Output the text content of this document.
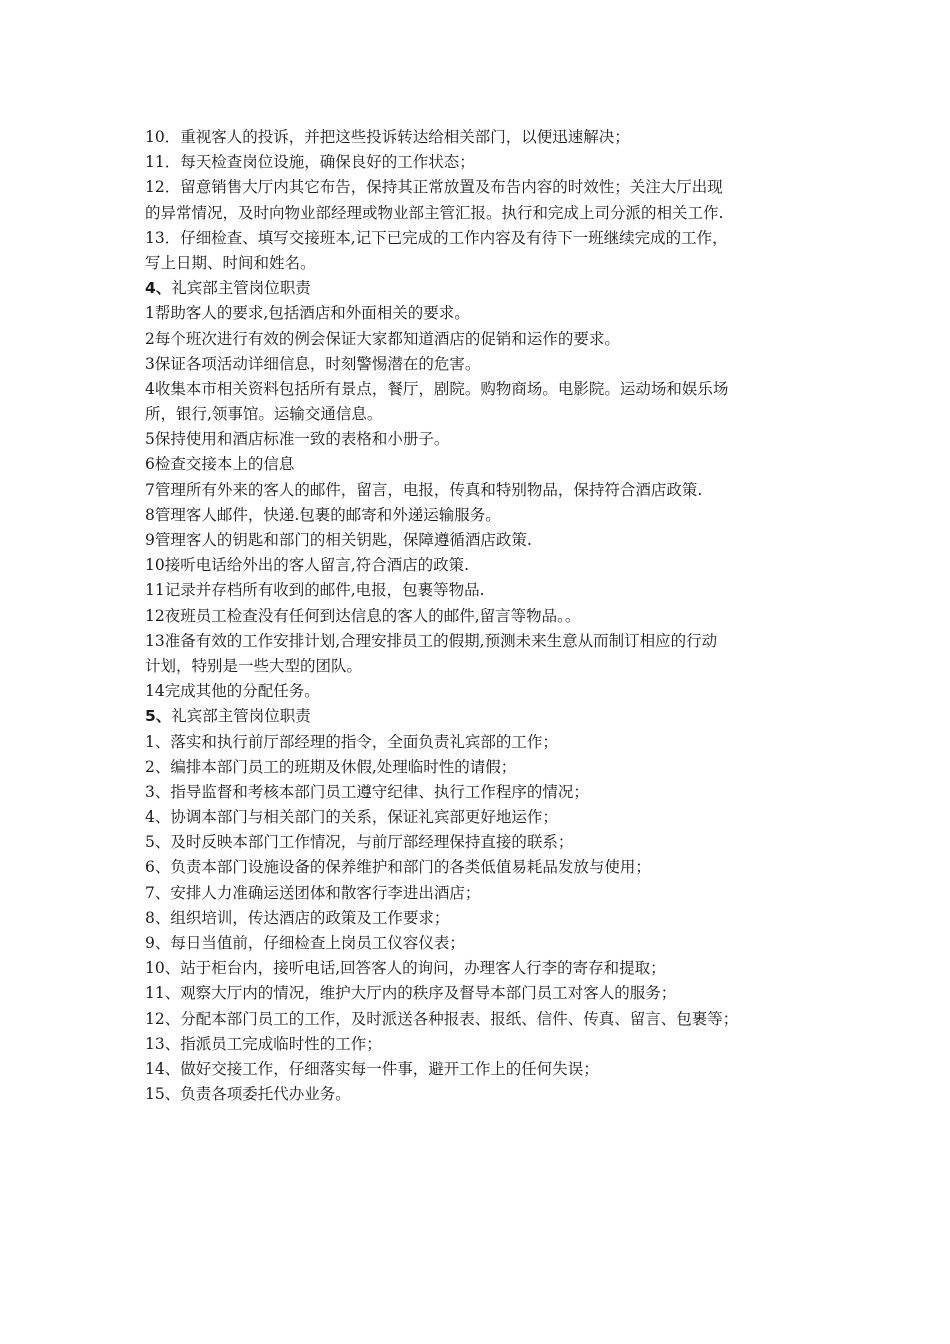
10．重视客人的投诉，并把这些投诉转达给相关部门，以便迅速解决；
11．每天检查岗位设施，确保良好的工作状态；
12．留意销售大厅内其它布告，保持其正常放置及布告内容的时效性；关注大厅出现
的异常情况，及时向物业部经理或物业部主管汇报。执行和完成上司分派的相关工作.
13．仔细检查、填写交接班本,记下已完成的工作内容及有待下一班继续完成的工作，
写上日期、时间和姓名。
4、礼宾部主管岗位职责
1帮助客人的要求,包括酒店和外面相关的要求。
2每个班次进行有效的例会保证大家都知道酒店的促销和运作的要求。
3保证各项活动详细信息，时刻警惕潜在的危害。
4收集本市相关资料包括所有景点，餐厅，剧院。购物商场。电影院。运动场和娱乐场
所，银行,领事馆。运输交通信息。
5保持使用和酒店标准一致的表格和小册子。
6检查交接本上的信息
7管理所有外来的客人的邮件，留言，电报，传真和特别物品，保持符合酒店政策.
8管理客人邮件，快递.包裹的邮寄和外递运输服务。
9管理客人的钥匙和部门的相关钥匙，保障遵循酒店政策.
10接听电话给外出的客人留言,符合酒店的政策.
11记录并存档所有收到的邮件,电报，包裹等物品.
12夜班员工检查没有任何到达信息的客人的邮件,留言等物品。。
13准备有效的工作安排计划,合理安排员工的假期,预测未来生意从而制订相应的行动
计划，特别是一些大型的团队。
14完成其他的分配任务。
5、礼宾部主管岗位职责
1、落实和执行前厅部经理的指令，全面负责礼宾部的工作；
2、编排本部门员工的班期及休假,处理临时性的请假；
3、指导监督和考核本部门员工遵守纪律、执行工作程序的情况；
4、协调本部门与相关部门的关系，保证礼宾部更好地运作；
5、及时反映本部门工作情况，与前厅部经理保持直接的联系；
6、负责本部门设施设备的保养维护和部门的各类低值易耗品发放与使用；
7、安排人力准确运送团体和散客行李进出酒店；
8、组织培训，传达酒店的政策及工作要求；
9、每日当值前，仔细检查上岗员工仪容仪表；
10、站于柜台内，接听电话,回答客人的询问，办理客人行李的寄存和提取；
11、观察大厅内的情况，维护大厅内的秩序及督导本部门员工对客人的服务；
12、分配本部门员工的工作，及时派送各种报表、报纸、信件、传真、留言、包裹等；
13、指派员工完成临时性的工作；
14、做好交接工作，仔细落实每一件事，避开工作上的任何失误；
15、负责各项委托代办业务。
